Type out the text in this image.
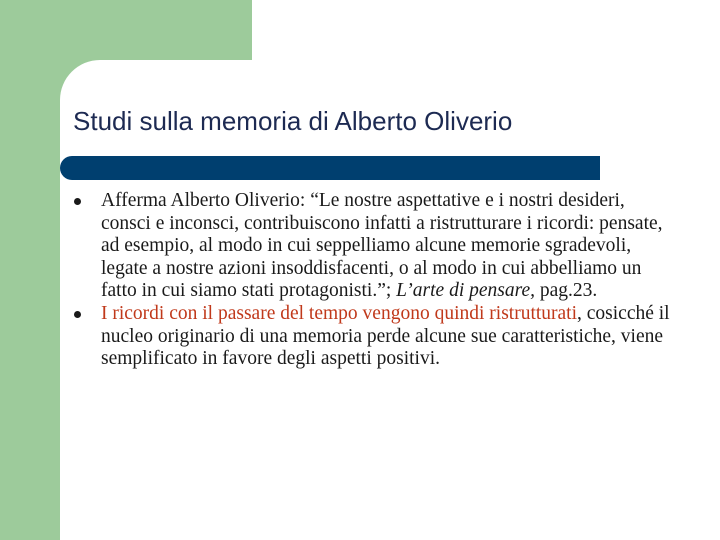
Studi sulla memoria di Alberto Oliverio
Afferma Alberto Oliverio: “Le nostre aspettative e i nostri desideri, consci e inconsci, contribuiscono infatti a ristrutturare i ricordi: pensate, ad esempio, al modo in cui seppelliamo alcune memorie sgradevoli, legate a nostre azioni insoddisfacenti, o al modo in cui abbelliamo un fatto in cui siamo stati protagonisti.”; L’arte di pensare, pag.23.
I ricordi con il passare del tempo vengono quindi ristrutturati, cosicché il nucleo originario di una memoria perde alcune sue caratteristiche, viene semplificato in favore degli aspetti positivi.
